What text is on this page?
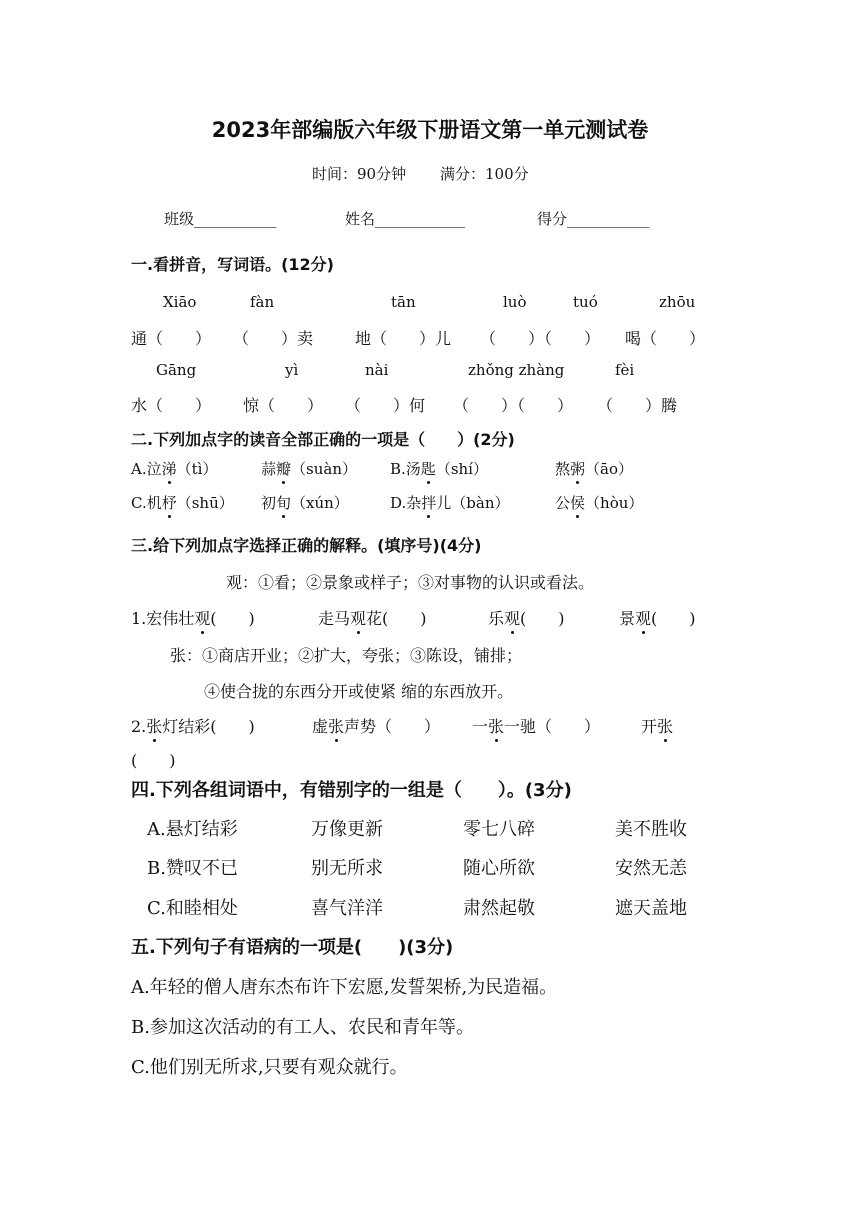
2023年部编版六年级下册语文第一单元测试卷
时间：90分钟 满分：100分
班级___________	姓名____________	得分___________
一.看拼音，写词语。(12分)
Xiāo	fàn	tān	luò	tuó	zhōu
通（　　） （　　）卖	地（　　）儿 （　　）（　　） 喝（　　）
Gāng	yì	nài	zhǒng zhàng	fèi
水（　　） 惊（　　） （　　）何 （　　）（　　） （　　）腾
二.下列加点字的读音全部正确的一项是（　　）(2分)
A.泣涕（tì）	蒜瓣（suàn） B.汤匙（shí）	熬粥（āo）
C.机杼（shū） 初旬（xún）	D.杂拌儿（bàn）	公侯（hòu）
三.给下列加点字选择正确的解释。(填序号)(4分)
观：①看；②景象或样子；③对事物的认识或看法。
1.宏伟壮观(　　)	走马观花(　　)	乐观(　　)	景观(　　)
张：①商店开业；②扩大，夸张；③陈设，铺排；
④使合拢的东西分开或使紧 缩的东西放开。
2.张灯结彩(　　)	虚张声势（　　） 一张一驰（　　）	开张
(　　)
四.下列各组词语中，有错别字的一组是（　　）。(3分)
A.悬灯结彩	万像更新	零七八碎	美不胜收
B.赞叹不已	别无所求	随心所欲	安然无恙
C.和睦相处	喜气洋洋	肃然起敬	遮天盖地
五.下列句子有语病的一项是(　　)(3分)
A.年轻的僧人唐东杰布许下宏愿,发誓架桥,为民造福。
B.参加这次活动的有工人、农民和青年等。
C.他们别无所求,只要有观众就行。
